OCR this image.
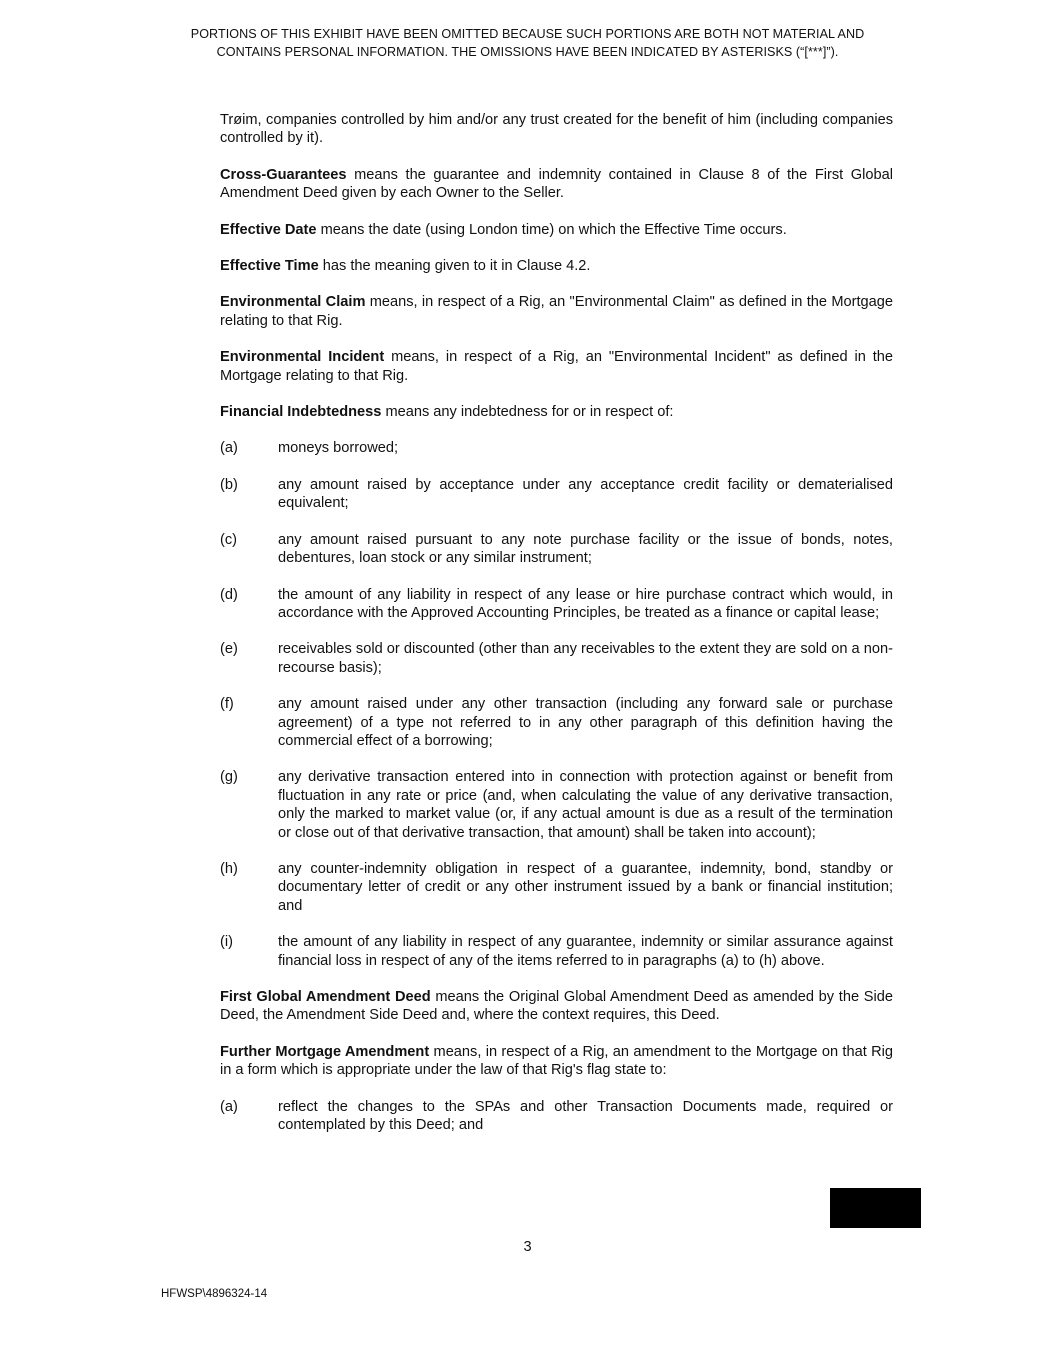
PORTIONS OF THIS EXHIBIT HAVE BEEN OMITTED BECAUSE SUCH PORTIONS ARE BOTH NOT MATERIAL AND
CONTAINS PERSONAL INFORMATION. THE OMISSIONS HAVE BEEN INDICATED BY ASTERISKS (“[***]”).

Trøim, companies controlled by him and/or any trust created for the benefit of him (including companies controlled by it).

Cross-Guarantees means the guarantee and indemnity contained in Clause 8 of the First Global Amendment Deed given by each Owner to the Seller.

Effective Date means the date (using London time) on which the Effective Time occurs.

Effective Time has the meaning given to it in Clause 4.2.

Environmental Claim means, in respect of a Rig, an "Environmental Claim" as defined in the Mortgage relating to that Rig.

Environmental Incident means, in respect of a Rig, an "Environmental Incident" as defined in the Mortgage relating to that Rig.

Financial Indebtedness means any indebtedness for or in respect of:

(a)	moneys borrowed;
(b)	any amount raised by acceptance under any acceptance credit facility or dematerialised equivalent;
(c)	any amount raised pursuant to any note purchase facility or the issue of bonds, notes, debentures, loan stock or any similar instrument;
(d)	the amount of any liability in respect of any lease or hire purchase contract which would, in accordance with the Approved Accounting Principles, be treated as a finance or capital lease;
(e)	receivables sold or discounted (other than any receivables to the extent they are sold on a non-recourse basis);
(f)	any amount raised under any other transaction (including any forward sale or purchase agreement) of a type not referred to in any other paragraph of this definition having the commercial effect of a borrowing;
(g)	any derivative transaction entered into in connection with protection against or benefit from fluctuation in any rate or price (and, when calculating the value of any derivative transaction, only the marked to market value (or, if any actual amount is due as a result of the termination or close out of that derivative transaction, that amount) shall be taken into account);
(h)	any counter-indemnity obligation in respect of a guarantee, indemnity, bond, standby or documentary letter of credit or any other instrument issued by a bank or financial institution; and
(i)	the amount of any liability in respect of any guarantee, indemnity or similar assurance against financial loss in respect of any of the items referred to in paragraphs (a) to (h) above.

First Global Amendment Deed means the Original Global Amendment Deed as amended by the Side Deed, the Amendment Side Deed and, where the context requires, this Deed.

Further Mortgage Amendment means, in respect of a Rig, an amendment to the Mortgage on that Rig in a form which is appropriate under the law of that Rig's flag state to:

(a)	reflect the changes to the SPAs and other Transaction Documents made, required or contemplated by this Deed; and
3
HFWSP\4896324-14
